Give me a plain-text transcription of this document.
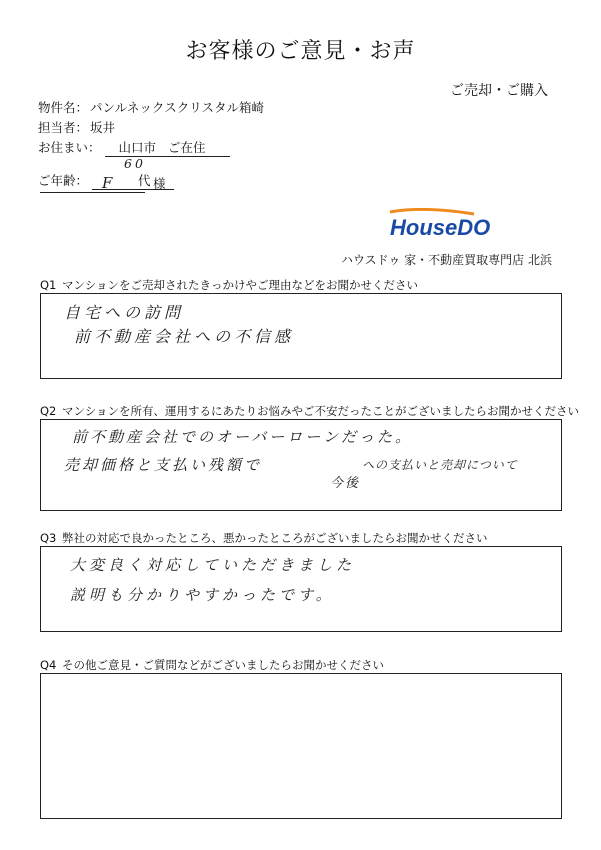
お客様のご意見・お声
ご売却・ご購入
物件名： パンルネックスクリスタル箱崎
担当者： 坂井
お住まい： 山口市 ご在住
ご年齢： 60 代
F	様
HouseDO
ハウスドゥ 家・不動産買取専門店 北浜
Q1 マンションをご売却されたきっかけやご理由などをお聞かせください
自宅への訪問
前不動産会社への不信感
Q2 マンションを所有、運用するにあたりお悩みやご不安だったことがございましたらお聞かせください
前不動産会社でのオーバーローンだった。
売却価格と支払い残額で	への支払いと売却について
今後
Q3 弊社の対応で良かったところ、悪かったところがございましたらお聞かせください
大変良く対応していただきました
説明も分かりやすかったです。
Q4 その他ご意見・ご質問などがございましたらお聞かせください
